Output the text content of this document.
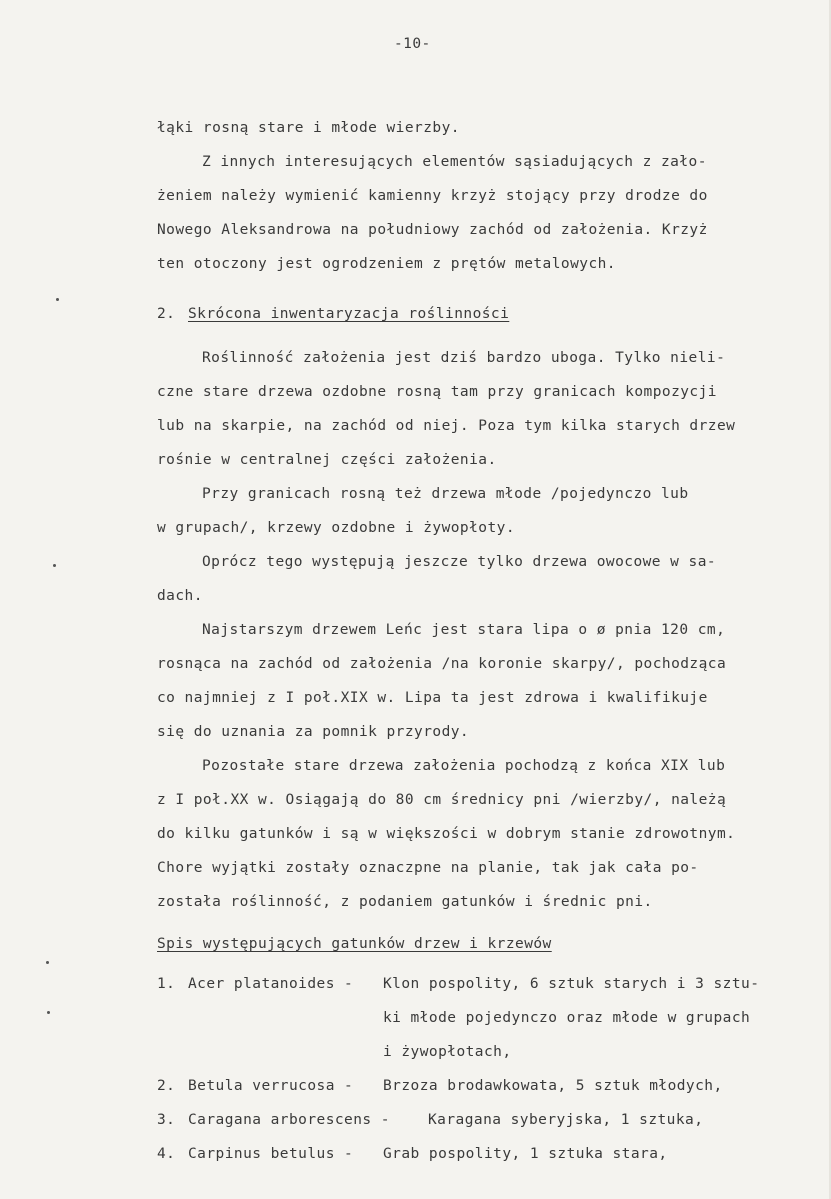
-10-
łąki rosną stare i młode wierzby.
Z innych interesujących elementów sąsiadujących z zało-
żeniem należy wymienić kamienny krzyż stojący przy drodze do
Nowego Aleksandrowa na południowy zachód od założenia. Krzyż
ten otoczony jest ogrodzeniem z prętów metalowych.
2. Skrócona inwentaryzacja roślinności
Roślinność założenia jest dziś bardzo uboga. Tylko nieli-
czne stare drzewa ozdobne rosną tam przy granicach kompozycji
lub na skarpie, na zachód od niej. Poza tym kilka starych drzew
rośnie w centralnej części założenia.
Przy granicach rosną też drzewa młode /pojedynczo lub
w grupach/, krzewy ozdobne i żywopłoty.
Oprócz tego występują jeszcze tylko drzewa owocowe w sa-
dach.
Najstarszym drzewem Leńc jest stara lipa o ø pnia 120 cm,
rosnąca na zachód od założenia /na koronie skarpy/, pochodząca
co najmniej z I poł.XIX w. Lipa ta jest zdrowa i kwalifikuje
się do uznania za pomnik przyrody.
Pozostałe stare drzewa założenia pochodzą z końca XIX lub
z I poł.XX w. Osiągają do 80 cm średnicy pni /wierzby/, należą
do kilku gatunków i są w większości w dobrym stanie zdrowotnym.
Chore wyjątki zostały oznaczpne na planie, tak jak cała po-
została roślinność, z podaniem gatunków i średnic pni.
Spis występujących gatunków drzew i krzewów
1. Acer platanoides - Klon pospolity, 6 sztuk starych i 3 sztu-
ki młode pojedynczo oraz młode w grupach
i żywopłotach,
2. Betula verrucosa - Brzoza brodawkowata, 5 sztuk młodych,
3. Caragana arborescens -	Karagana syberyjska, 1 sztuka,
4. Carpinus betulus - Grab pospolity, 1 sztuka stara,
